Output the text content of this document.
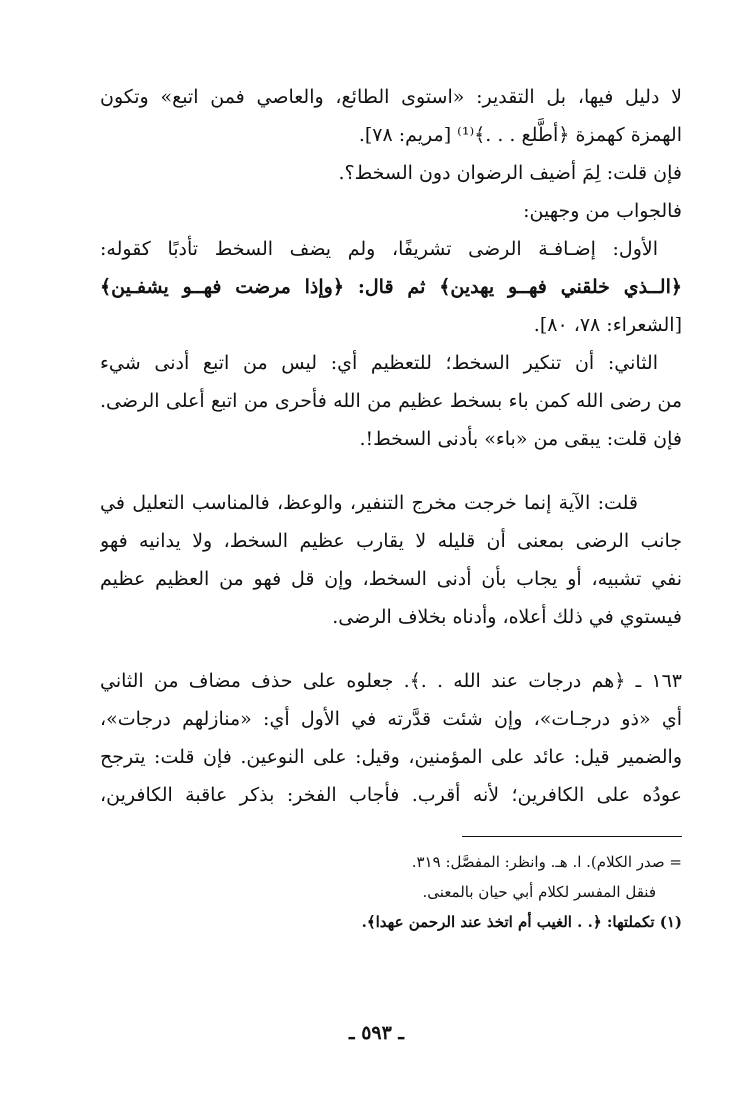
لا دليل فيها، بل التقدير: «استوى الطائع، والعاصي فمن اتبع» وتكون
الهمزة كهمزة ﴿أطَّلع . . .﴾⁽¹⁾ [مريم: ٧٨].
فإن قلت: لِمَ أضيف الرضوان دون السخط؟.
فالجواب من وجهين:
الأول: إضـافـة الرضى تشريفًا، ولم يضف السخط تأدبًا كقوله:
﴿الــذي خلقني فهــو يهدين﴾ ثم قال: ﴿وإذا مرضت فهــو يشفـين﴾
[الشعراء: ٧٨، ٨٠].
الثاني: أن تنكير السخط؛ للتعظيم أي: ليس من اتبع أدنى شيء
من رضى الله كمن باء بسخط عظيم من الله فأحرى من اتبع أعلى الرضى.
فإن قلت: يبقى من «باء» بأدنى السخط!.
قلت: الآية إنما خرجت مخرج التنفير، والوعظ، فالمناسب التعليل في
جانب الرضى بمعنى أن قليله لا يقارب عظيم السخط، ولا يدانيه فهو
نفي تشبيه، أو يجاب بأن أدنى السخط، وإن قل فهو من العظيم عظيم
فيستوي في ذلك أعلاه، وأدناه بخلاف الرضى.
١٦٣ ـ ﴿هم درجات عند الله . .﴾. جعلوه على حذف مضاف من الثاني
أي «ذو درجـات»، وإن شئت قدَّرته في الأول أي: «منازلهم درجات»،
والضمير قيل: عائد على المؤمنين، وقيل: على النوعين. فإن قلت: يترجح
عودُه على الكافرين؛ لأنه أقرب. فأجاب الفخر: بذكر عاقبة الكافرين،
= صدر الكلام). ا. هـ. وانظر: المفصَّل: ٣١٩.
فنقل المفسر لكلام أبي حيان بالمعنى.
(١) تكملتها: ﴿. . الغيب أم اتخذ عند الرحمن عهدا﴾.
ـ ٥٩٣ ـ
